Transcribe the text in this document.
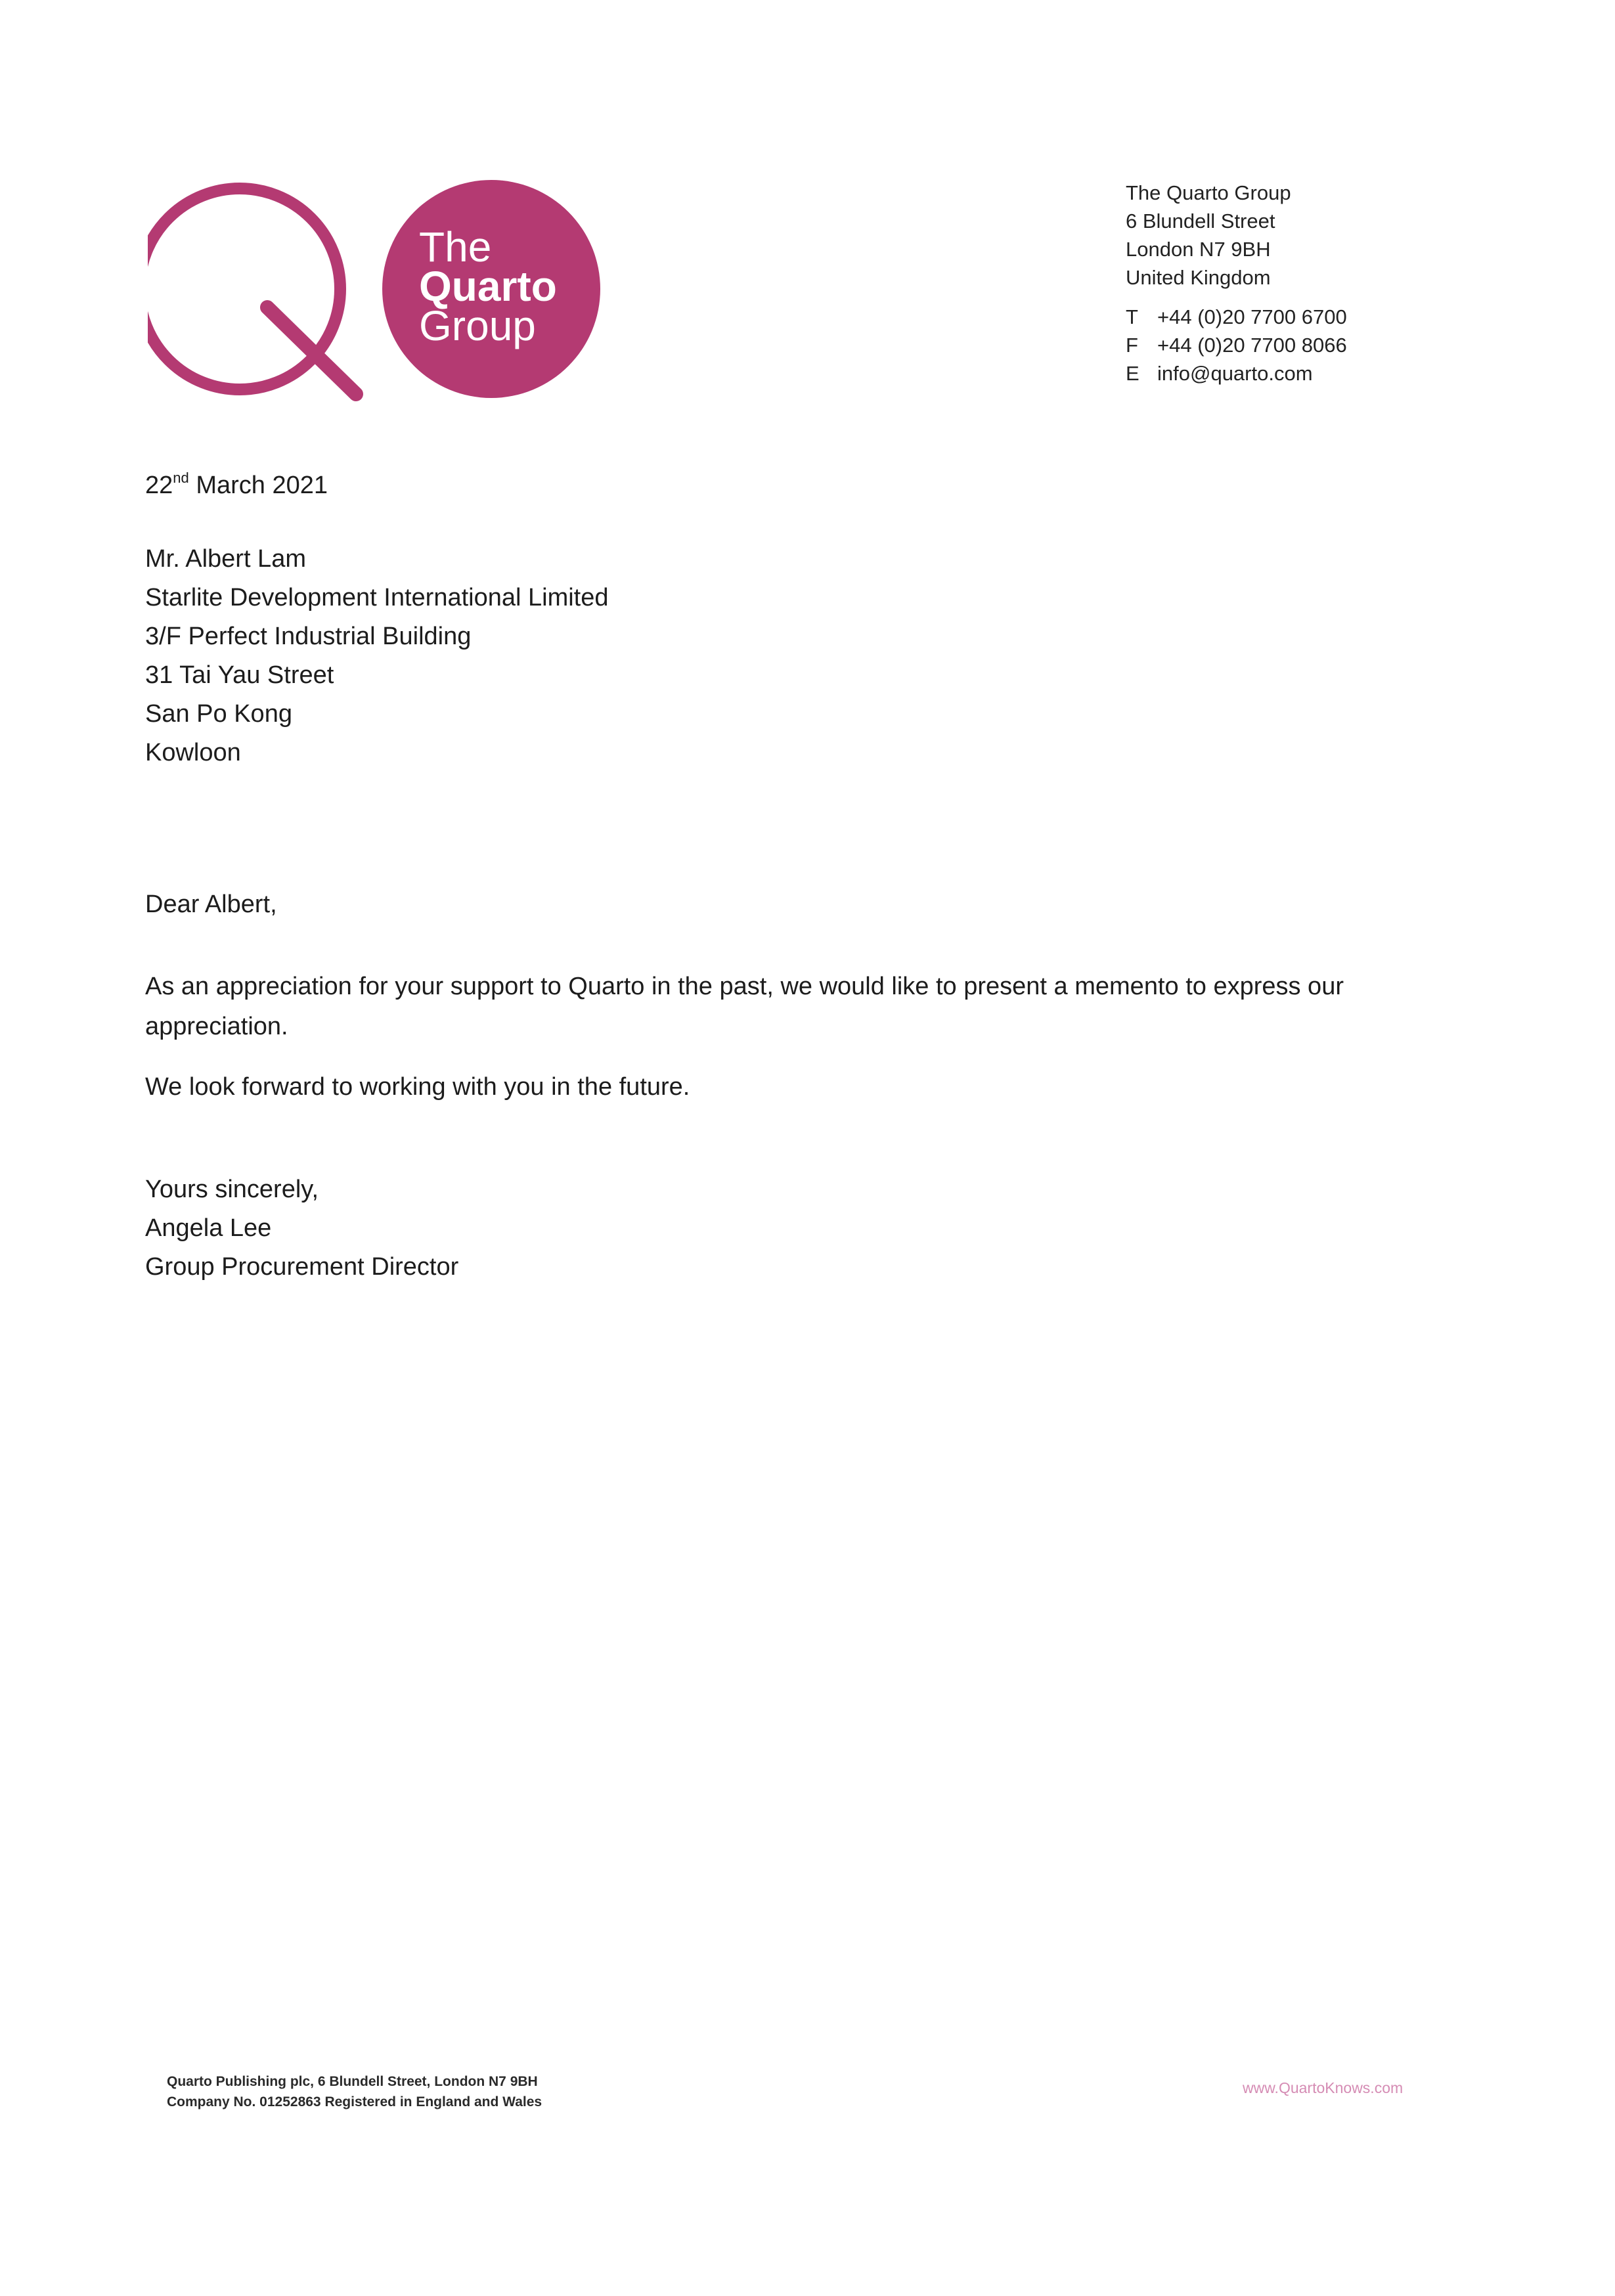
The
Quarto
Group
The Quarto Group
6 Blundell Street
London N7 9BH
United Kingdom
T +44 (0)20 7700 6700
F +44 (0)20 7700 8066
E info@quarto.com
22nd March 2021
Mr. Albert Lam
Starlite Development International Limited
3/F Perfect Industrial Building
31 Tai Yau Street
San Po Kong
Kowloon
Dear Albert,
As an appreciation for your support to Quarto in the past, we would like to present a memento to express our appreciation.
We look forward to working with you in the future.
Yours sincerely,
Angela Lee
Group Procurement Director
Quarto Publishing plc, 6 Blundell Street, London N7 9BH
Company No. 01252863 Registered in England and Wales
www.QuartoKnows.com
